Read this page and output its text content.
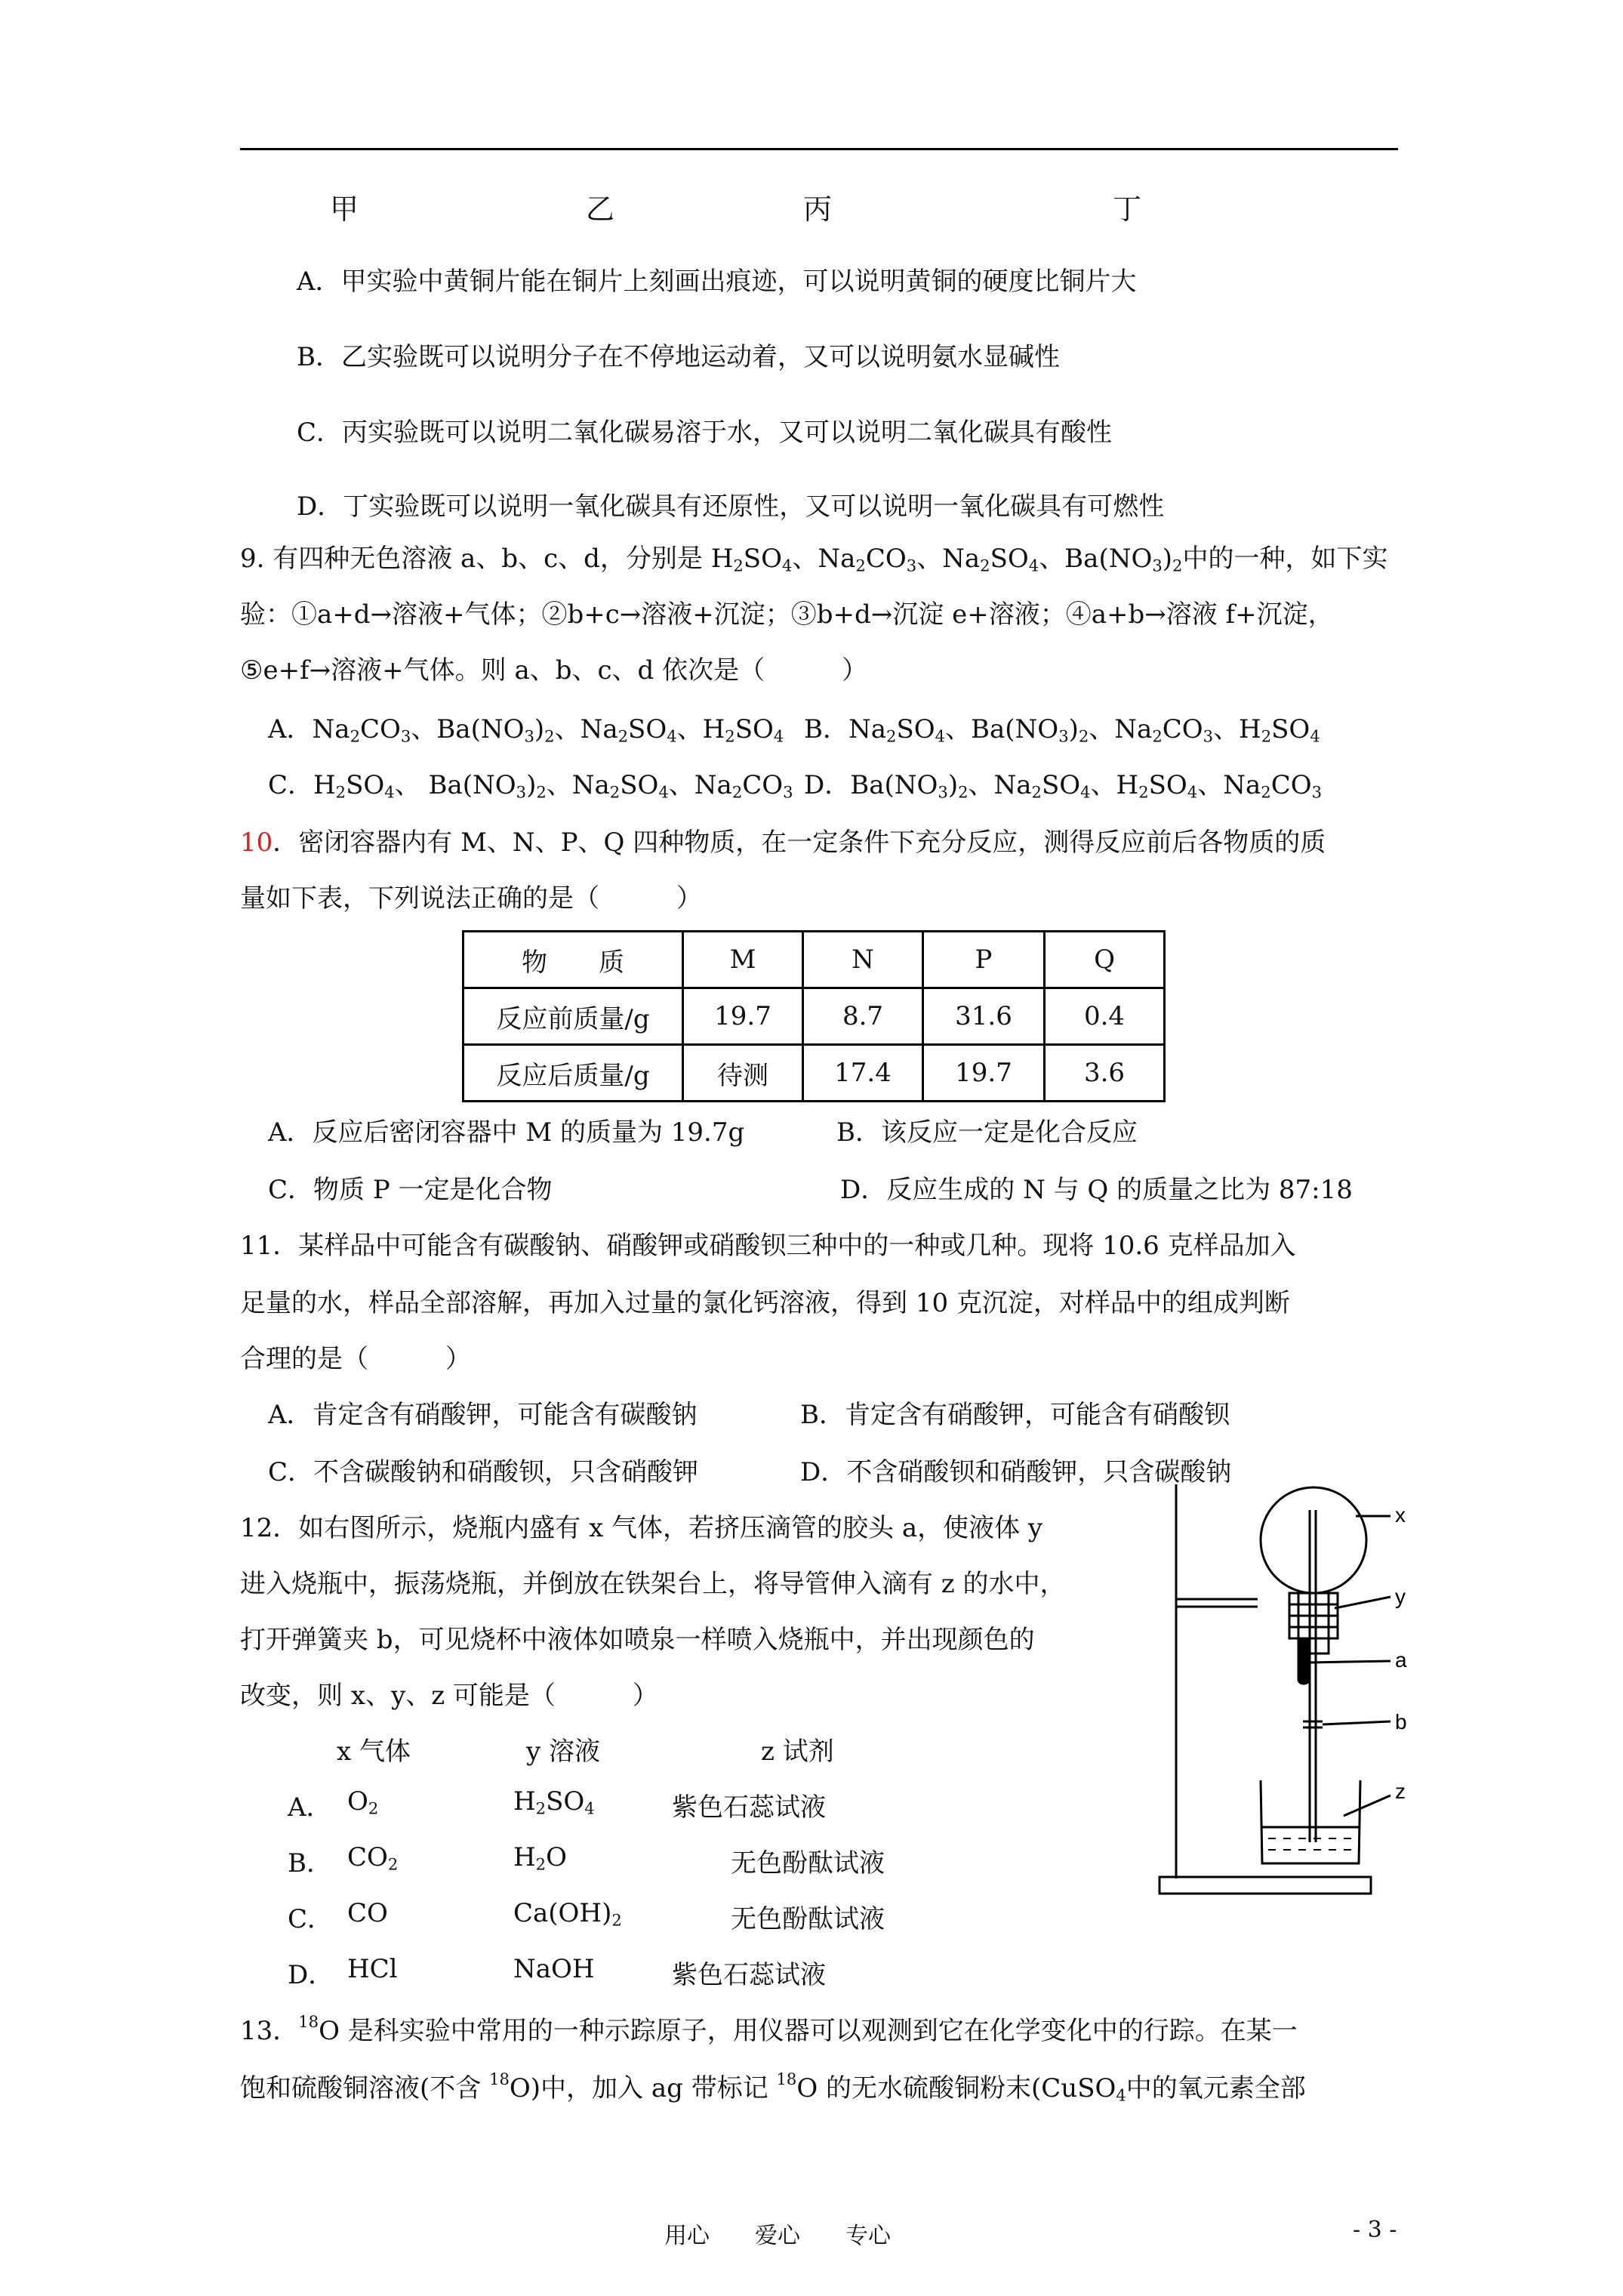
甲	乙	丙	丁
A．甲实验中黄铜片能在铜片上刻画出痕迹，可以说明黄铜的硬度比铜片大
B．乙实验既可以说明分子在不停地运动着，又可以说明氨水显碱性
C．丙实验既可以说明二氧化碳易溶于水，又可以说明二氧化碳具有酸性
D．丁实验既可以说明一氧化碳具有还原性，又可以说明一氧化碳具有可燃性
9. 有四种无色溶液 a、b、c、d，分别是 $H_2SO_4$、$Na_2CO_3$、$Na_2SO_4$、$Ba(NO_3)_2$中的一种，如下实
验：①a+d→溶液+气体；②b+c→溶液+沉淀；③b+d→沉淀 e+溶液；④a+b→溶液 f+沉淀，
⑤e+f→溶液+气体。则 a、b、c、d 依次是（　　　）
A．$Na_2CO_3$、$Ba(NO_3)_2$、$Na_2SO_4$、$H_2SO_4$ B．$Na_2SO_4$、$Ba(NO_3)_2$、$Na_2CO_3$、$H_2SO_4$
C．$H_2SO_4$、 $Ba(NO_3)_2$、$Na_2SO_4$、$Na_2CO_3$ D．$Ba(NO_3)_2$、$Na_2SO_4$、$H_2SO_4$、$Na_2CO_3$
10．密闭容器内有 M、N、P、Q 四种物质，在一定条件下充分反应，测得反应前后各物质的质
量如下表，下列说法正确的是（　　　）
物　　质	M	N	P	Q
反应前质量/g	19.7	8.7	31.6	0.4
反应后质量/g	待测	17.4	19.7	3.6
A．反应后密闭容器中 M 的质量为 19.7g	B．该反应一定是化合反应
C．物质 P 一定是化合物	D．反应生成的 N 与 Q 的质量之比为 87:18
11．某样品中可能含有碳酸钠、硝酸钾或硝酸钡三种中的一种或几种。现将 10.6 克样品加入
足量的水，样品全部溶解，再加入过量的氯化钙溶液，得到 10 克沉淀，对样品中的组成判断
合理的是（　　　）
A．肯定含有硝酸钾，可能含有碳酸钠	B．肯定含有硝酸钾，可能含有硝酸钡
C．不含碳酸钠和硝酸钡，只含硝酸钾	D．不含硝酸钡和硝酸钾，只含碳酸钠
12．如右图所示，烧瓶内盛有 x 气体，若挤压滴管的胶头 a，使液体 y
进入烧瓶中，振荡烧瓶，并倒放在铁架台上，将导管伸入滴有 z 的水中，
打开弹簧夹 b，可见烧杯中液体如喷泉一样喷入烧瓶中，并出现颜色的
改变，则 x、y、z 可能是（　　　）
x 气体	y 溶液	z 试剂
A． $O_2$	$H_2SO_4$	紫色石蕊试液
B． $CO_2$	$H_2O$	无色酚酞试液
C． CO	$Ca(OH)_2$	无色酚酞试液
D． HCl	NaOH	紫色石蕊试液
x
y
a
b
z
13．$^{18}$O 是科实验中常用的一种示踪原子，用仪器可以观测到它在化学变化中的行踪。在某一
饱和硫酸铜溶液(不含 $^{18}$O)中，加入 ag 带标记 $^{18}$O 的无水硫酸铜粉末(CuSO$_4$中的氧元素全部
用心　　爱心　　专心	- 3 -
